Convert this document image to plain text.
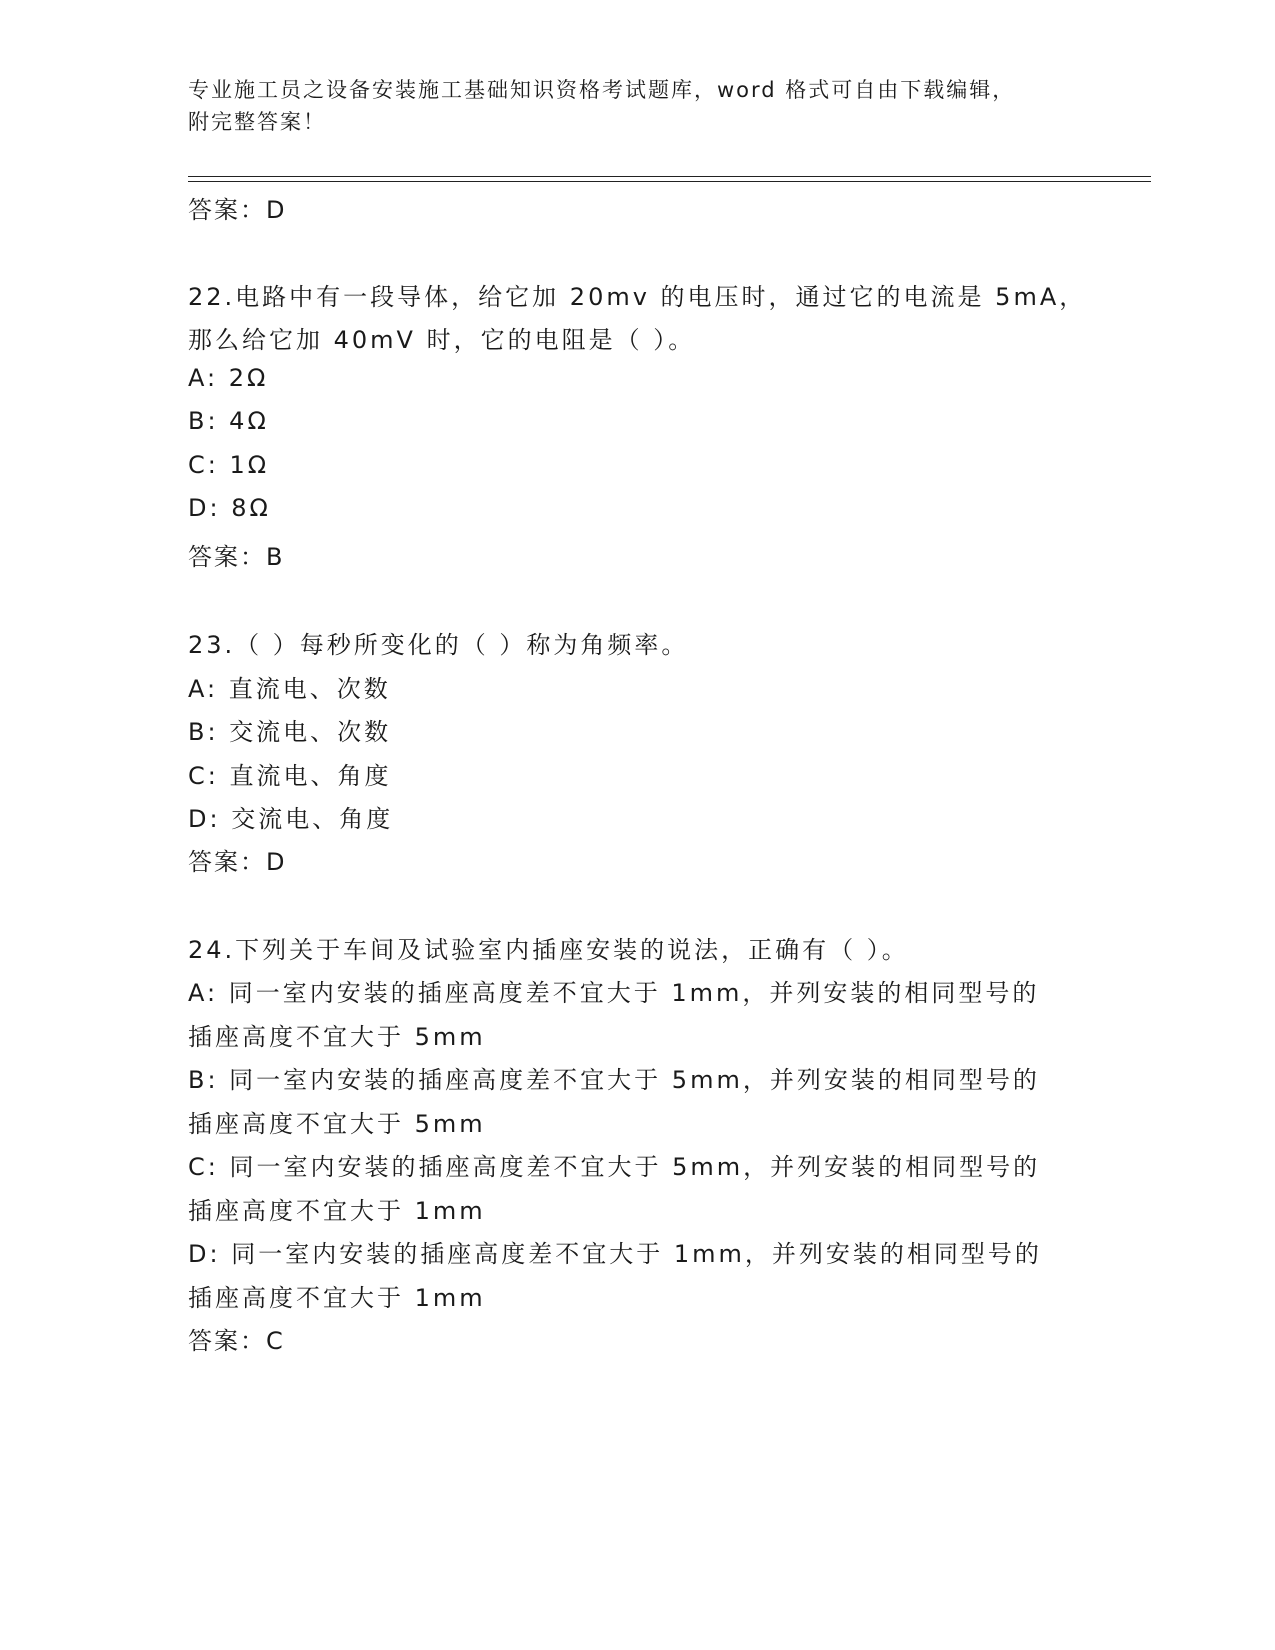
专业施工员之设备安装施工基础知识资格考试题库，word 格式可自由下载编辑，
附完整答案！
答案：D
22.电路中有一段导体，给它加 20mv 的电压时，通过它的电流是 5mA，
那么给它加 40mV 时，它的电阻是（ ）。
A: 2Ω
B: 4Ω
C: 1Ω
D: 8Ω
答案：B
23.（ ）每秒所变化的（ ）称为角频率。
A: 直流电、次数
B: 交流电、次数
C: 直流电、角度
D: 交流电、角度
答案：D
24.下列关于车间及试验室内插座安装的说法，正确有（ ）。
A: 同一室内安装的插座高度差不宜大于 1mm，并列安装的相同型号的
插座高度不宜大于 5mm
B: 同一室内安装的插座高度差不宜大于 5mm，并列安装的相同型号的
插座高度不宜大于 5mm
C: 同一室内安装的插座高度差不宜大于 5mm，并列安装的相同型号的
插座高度不宜大于 1mm
D: 同一室内安装的插座高度差不宜大于 1mm，并列安装的相同型号的
插座高度不宜大于 1mm
答案：C
